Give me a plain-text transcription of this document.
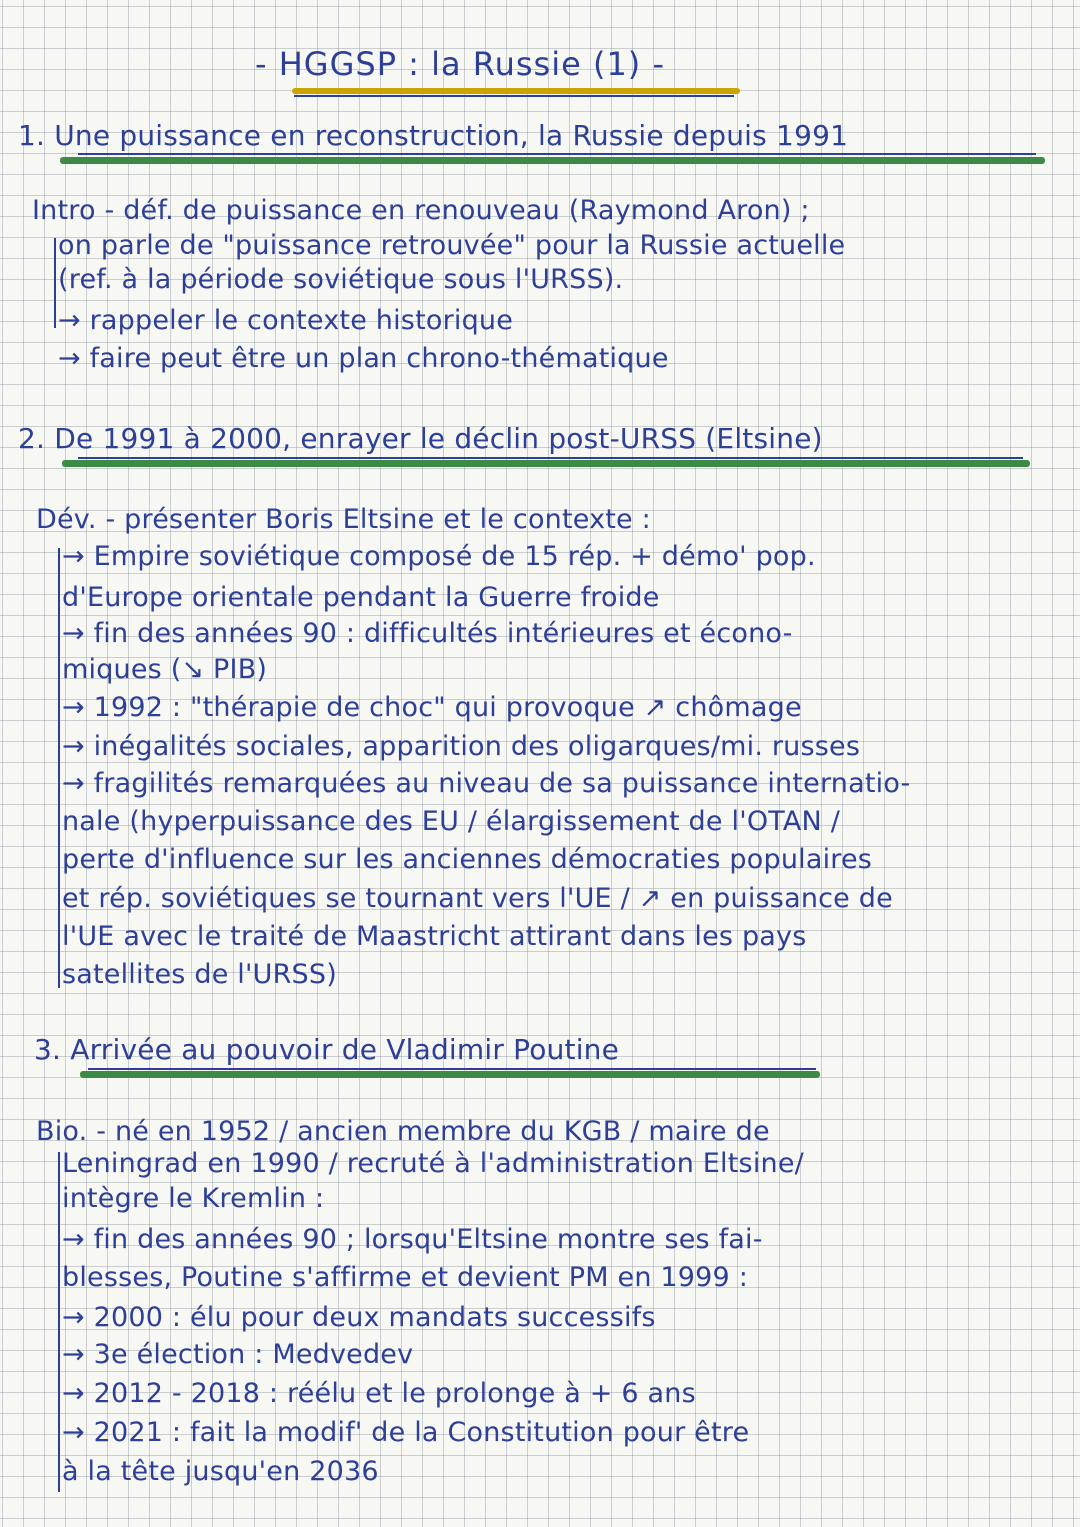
- HGGSP : la Russie (1) -
1. Une puissance en reconstruction, la Russie depuis 1991
Intro - déf. de puissance en renouveau (Raymond Aron) ;
on parle de "puissance retrouvée" pour la Russie actuelle
(ref. à la période soviétique sous l'URSS).
→ rappeler le contexte historique
→ faire peut être un plan chrono-thématique
2. De 1991 à 2000, enrayer le déclin post-URSS (Eltsine)
Dév. - présenter Boris Eltsine et le contexte :
→ Empire soviétique composé de 15 rép. + démo' pop.
d'Europe orientale pendant la Guerre froide
→ fin des années 90 : difficultés intérieures et écono-
miques (↘ PIB)
→ 1992 : "thérapie de choc" qui provoque ↗ chômage
→ inégalités sociales, apparition des oligarques/mi. russes
→ fragilités remarquées au niveau de sa puissance internatio-
nale (hyperpuissance des EU / élargissement de l'OTAN /
perte d'influence sur les anciennes démocraties populaires
et rép. soviétiques se tournant vers l'UE / ↗ en puissance de
l'UE avec le traité de Maastricht attirant dans les pays
satellites de l'URSS)
3. Arrivée au pouvoir de Vladimir Poutine
Bio. - né en 1952 / ancien membre du KGB / maire de
Leningrad en 1990 / recruté à l'administration Eltsine/
intègre le Kremlin :
→ fin des années 90 ; lorsqu'Eltsine montre ses fai-
blesses, Poutine s'affirme et devient PM en 1999 :
→ 2000 : élu pour deux mandats successifs
→ 3e élection : Medvedev
→ 2012 - 2018 : réélu et le prolonge à + 6 ans
→ 2021 : fait la modif' de la Constitution pour être
à la tête jusqu'en 2036
